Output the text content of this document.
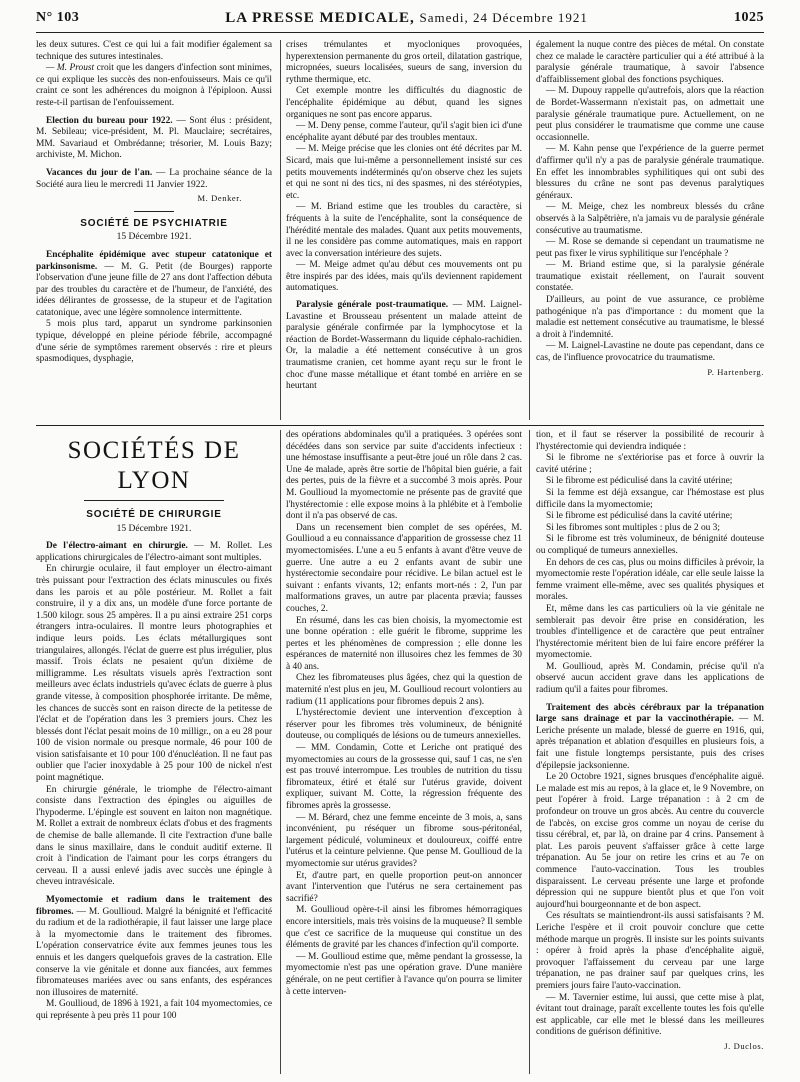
N° 103	LA PRESSE MEDICALE, Samedi, 24 Décembre 1921	1025

les deux sutures. C'est ce qui lui a fait modifier également sa technique des sutures intestinales.

— M. Proust croit que les dangers d'infection sont minimes, ce qui explique les succès des non-enfouisseurs. Mais ce qu'il craint ce sont les adhérences du moignon à l'épiploon. Aussi reste-t-il partisan de l'enfouissement.

Election du bureau pour 1922. — Sont élus : président, M. Sebileau; vice-président, M. Pl. Mauclaire; secrétaires, MM. Savariaud et Ombrédanne; trésorier, M. Louis Bazy; archiviste, M. Michon.

Vacances du jour de l'an. — La prochaine séance de la Société aura lieu le mercredi 11 Janvier 1922.

M. Denker.
SOCIÉTÉ DE PSYCHIATRIE
15 Décembre 1921.

Encéphalite épidémique avec stupeur catatonique et parkinsonisme. — M. G. Petit (de Bourges) rapporte l'observation d'une jeune fille de 27 ans dont l'affection débuta par des troubles du caractère et de l'humeur, de l'anxiété, des idées délirantes de grossesse, de la stupeur et de l'agitation catatonique, avec une légère somnolence intermittente.

5 mois plus tard, apparut un syndrome parkinsonien typique, développé en pleine période fébrile, accompagné d'une série de symptômes rarement observés : rire et pleurs spasmodiques, dysphagie,

crises trémulantes et myocloniques provoquées, hyperextension permanente du gros orteil, dilatation gastrique, micropnées, sueurs localisées, sueurs de sang, inversion du rythme thermique, etc.

Cet exemple montre les difficultés du diagnostic de l'encéphalite épidémique au début, quand les signes organiques ne sont pas encore apparus.

— M. Deny pense, comme l'auteur, qu'il s'agit bien ici d'une encéphalite ayant débuté par des troubles mentaux.

— M. Meige précise que les clonies ont été décrites par M. Sicard, mais que lui-même a personnellement insisté sur ces petits mouvements indéterminés qu'on observe chez les sujets et qui ne sont ni des tics, ni des spasmes, ni des stéréotypies, etc.

— M. Briand estime que les troubles du caractère, si fréquents à la suite de l'encéphalite, sont la conséquence de l'hérédité mentale des malades. Quant aux petits mouvements, il ne les considère pas comme automatiques, mais en rapport avec la conversation intérieure des sujets.

— M. Meige admet qu'au début ces mouvements ont pu être inspirés par des idées, mais qu'ils deviennent rapidement automatiques.

Paralysie générale post-traumatique. — MM. Laignel-Lavastine et Brousseau présentent un malade atteint de paralysie générale confirmée par la lymphocytose et la réaction de Bordet-Wassermann du liquide céphalo-rachidien. Or, la maladie a été nettement consécutive à un gros traumatisme cranien, cet homme ayant reçu sur le front le choc d'une masse métallique et étant tombé en arrière en se heurtant

également la nuque contre des pièces de métal. On constate chez ce malade le caractère particulier qui a été attribué à la paralysie générale traumatique, à savoir l'absence d'affaiblissement global des fonctions psychiques.

— M. Dupouy rappelle qu'autrefois, alors que la réaction de Bordet-Wassermann n'existait pas, on admettait une paralysie générale traumatique pure. Actuellement, on ne peut plus considérer le traumatisme que comme une cause occasionnelle.

— M. Kahn pense que l'expérience de la guerre permet d'affirmer qu'il n'y a pas de paralysie générale traumatique. En effet les innombrables syphilitiques qui ont subi des blessures du crâne ne sont pas devenus paralytiques généraux.

— M. Meige, chez les nombreux blessés du crâne observés à la Salpêtrière, n'a jamais vu de paralysie générale consécutive au traumatisme.

— M. Rose se demande si cependant un traumatisme ne peut pas fixer le virus syphilitique sur l'encéphale ?

— M. Briand estime que, si la paralysie générale traumatique existait réellement, on l'aurait souvent constatée.

D'ailleurs, au point de vue assurance, ce problème pathogénique n'a pas d'importance : du moment que la maladie est nettement consécutive au traumatisme, le blessé a droit à l'indemnité.

— M. Laignel-Lavastine ne doute pas cependant, dans ce cas, de l'influence provocatrice du traumatisme.

P. Hartenberg.
SOCIÉTÉS DE LYON
SOCIÉTÉ DE CHIRURGIE
15 Décembre 1921.

De l'électro-aimant en chirurgie. — M. Rollet. Les applications chirurgicales de l'électro-aimant sont multiples.

En chirurgie oculaire, il faut employer un électro-aimant très puissant pour l'extraction des éclats minuscules ou fixés dans les parois et au pôle postérieur. M. Rollet a fait construire, il y a dix ans, un modèle d'une force portante de 1.500 kilogr. sous 25 ampères. Il a pu ainsi extraire 251 corps étrangers intra-oculaires. Il montre leurs photographies et indique leurs poids. Les éclats métallurgiques sont triangulaires, allongés. l'éclat de guerre est plus irrégulier, plus massif. Trois éclats ne pesaient qu'un dixième de milligramme. Les résultats visuels après l'extraction sont meilleurs avec éclats industriels qu'avec éclats de guerre à plus grande vitesse, à composition phosphorée irritante. De même, les chances de succès sont en raison directe de la petitesse de l'éclat et de l'opération dans les 3 premiers jours. Chez les blessés dont l'éclat pesait moins de 10 milligr., on a eu 28 pour 100 de vision normale ou presque normale, 46 pour 100 de vision satisfaisante et 10 pour 100 d'énucléation. Il ne faut pas oublier que l'acier inoxydable à 25 pour 100 de nickel n'est point magnétique.

En chirurgie générale, le triomphe de l'électro-aimant consiste dans l'extraction des épingles ou aiguilles de l'hypoderme. L'épingle est souvent en laiton non magnétique. M. Rollet a extrait de nombreux éclats d'obus et des fragments de chemise de balle allemande. Il cite l'extraction d'une balle dans le sinus maxillaire, dans le conduit auditif externe. Il croit à l'indication de l'aimant pour les corps étrangers du cerveau. Il a aussi enlevé jadis avec succès une épingle à cheveu intravésicale.

Myomectomie et radium dans le traitement des fibromes. — M. Goullioud. Malgré la bénignité et l'efficacité du radium et de la radiothérapie, il faut laisser une large place à la myomectomie dans le traitement des fibromes. L'opération conservatrice évite aux femmes jeunes tous les ennuis et les dangers quelquefois graves de la castration. Elle conserve la vie génitale et donne aux fiancées, aux femmes fibromateuses mariées avec ou sans enfants, des espérances non illusoires de maternité.

M. Goullioud, de 1896 à 1921, a fait 104 myomectomies, ce qui représente à peu près 11 pour 100

des opérations abdominales qu'il a pratiquées. 3 opérées sont décédées dans son service par suite d'accidents infectieux : une hémostase insuffisante a peut-être joué un rôle dans 2 cas. Une 4e malade, après être sortie de l'hôpital bien guérie, a fait des pertes, puis de la fièvre et a succombé 3 mois après. Pour M. Goullioud la myomectomie ne présente pas de gravité que l'hystérectomie : elle expose moins à la phlébite et à l'embolie dont il n'a pas observé de cas.

Dans un recensement bien complet de ses opérées, M. Goullioud a eu connaissance d'apparition de grossesse chez 11 myomectomisées. L'une a eu 5 enfants à avant d'être veuve de guerre. Une autre a eu 2 enfants avant de subir une hystérectomie secondaire pour récidive. Le bilan actuel est le suivant : enfants vivants, 12; enfants mort-nés : 2, l'un par malformations graves, un autre par placenta prævia; fausses couches, 2.

En résumé, dans les cas bien choisis, la myomectomie est une bonne opération : elle guérit le fibrome, supprime les pertes et les phénomènes de compression ; elle donne les espérances de maternité non illusoires chez les femmes de 30 à 40 ans.

Chez les fibromateuses plus âgées, chez qui la question de maternité n'est plus en jeu, M. Goullioud recourt volontiers au radium (11 applications pour fibromes depuis 2 ans).

L'hystérectomie devient une intervention d'exception à réserver pour les fibromes très volumineux, de bénignité douteuse, ou compliqués de lésions ou de tumeurs annexielles.

— MM. Condamin, Cotte et Leriche ont pratiqué des myomectomies au cours de la grossesse qui, sauf 1 cas, ne s'en est pas trouvé interrompue. Les troubles de nutrition du tissu fibromateux, étiré et étalé sur l'utérus gravide, doivent expliquer, suivant M. Cotte, la régression fréquente des fibromes après la grossesse.

— M. Bérard, chez une femme enceinte de 3 mois, a, sans inconvénient, pu réséquer un fibrome sous-péritonéal, largement pédiculé, volumineux et douloureux, coiffé entre l'utérus et la ceinture pelvienne. Que pense M. Goullioud de la myomectomie sur utérus gravides?

Et, d'autre part, en quelle proportion peut-on annoncer avant l'intervention que l'utérus ne sera certainement pas sacrifié?

M. Goullioud opère-t-il ainsi les fibromes hémorragiques encore intersitiels, mais très voisins de la muqueuse? Il semble que c'est ce sacrifice de la muqueuse qui constitue un des éléments de gravité par les chances d'infection qu'il comporte.

— M. Goullioud estime que, même pendant la grossesse, la myomectomie n'est pas une opération grave. D'une manière générale, on ne peut certifier à l'avance qu'on pourra se limiter à cette interven-

tion, et il faut se réserver la possibilité de recourir à l'hystérectomie qui deviendra indiquée :

Si le fibrome ne s'extériorise pas et force à ouvrir la cavité utérine ;

Si le fibrome est pédiculisé dans la cavité utérine;

Si la femme est déjà exsangue, car l'hémostase est plus difficile dans la myomectomie;

Si le fibrome est pédiculisé dans la cavité utérine;

Si les fibromes sont multiples : plus de 2 ou 3;

Si le fibrome est très volumineux, de bénignité douteuse ou compliqué de tumeurs annexielles.

En dehors de ces cas, plus ou moins difficiles à prévoir, la myomectomie reste l'opération idéale, car elle seule laisse la femme vraiment elle-même, avec ses qualités physiques et morales.

Et, même dans les cas particuliers où la vie génitale ne semblerait pas devoir être prise en considération, les troubles d'intelligence et de caractère que peut entraîner l'hystérectomie méritent bien de lui faire encore préférer la myomectomie.

M. Goullioud, après M. Condamin, précise qu'il n'a observé aucun accident grave dans les applications de radium qu'il a faites pour fibromes.

Traitement des abcès cérébraux par la trépanation large sans drainage et par la vaccinothérapie. — M. Leriche présente un malade, blessé de guerre en 1916, qui, après trépanation et ablation d'esquilles en plusieurs fois, a fait une fistule longtemps persistante, puis des crises d'épilepsie jacksonienne.

Le 20 Octobre 1921, signes brusques d'encéphalite aiguë. Le malade est mis au repos, à la glace et, le 9 Novembre, on peut l'opérer à froid. Large trépanation : à 2 cm de profondeur on trouve un gros abcès. Au centre du couvercle de l'abcès, on excise gros comme un noyau de cerise du tissu cérébral, et, par là, on draine par 4 crins. Pansement à plat. Les parois peuvent s'affaisser grâce à cette large trépanation. Au 5e jour on retire les crins et au 7e on commence l'auto-vaccination. Tous les troubles disparaissent. Le cerveau présente une large et profonde dépression qui ne suppure bientôt plus et que l'on voit aujourd'hui bourgeonnante et de bon aspect.

Ces résultats se maintiendront-ils aussi satisfaisants ? M. Leriche l'espère et il croit pouvoir conclure que cette méthode marque un progrès. Il insiste sur les points suivants : opérer à froid après la phase d'encéphalite aiguë, provoquer l'affaissement du cerveau par une large trépanation, ne pas drainer sauf par quelques crins, les premiers jours faire l'auto-vaccination.

— M. Tavernier estime, lui aussi, que cette mise à plat, évitant tout drainage, paraît excellente toutes les fois qu'elle est applicable, car elle met le blessé dans les meilleures conditions de guérison définitive.

J. Duclos.
